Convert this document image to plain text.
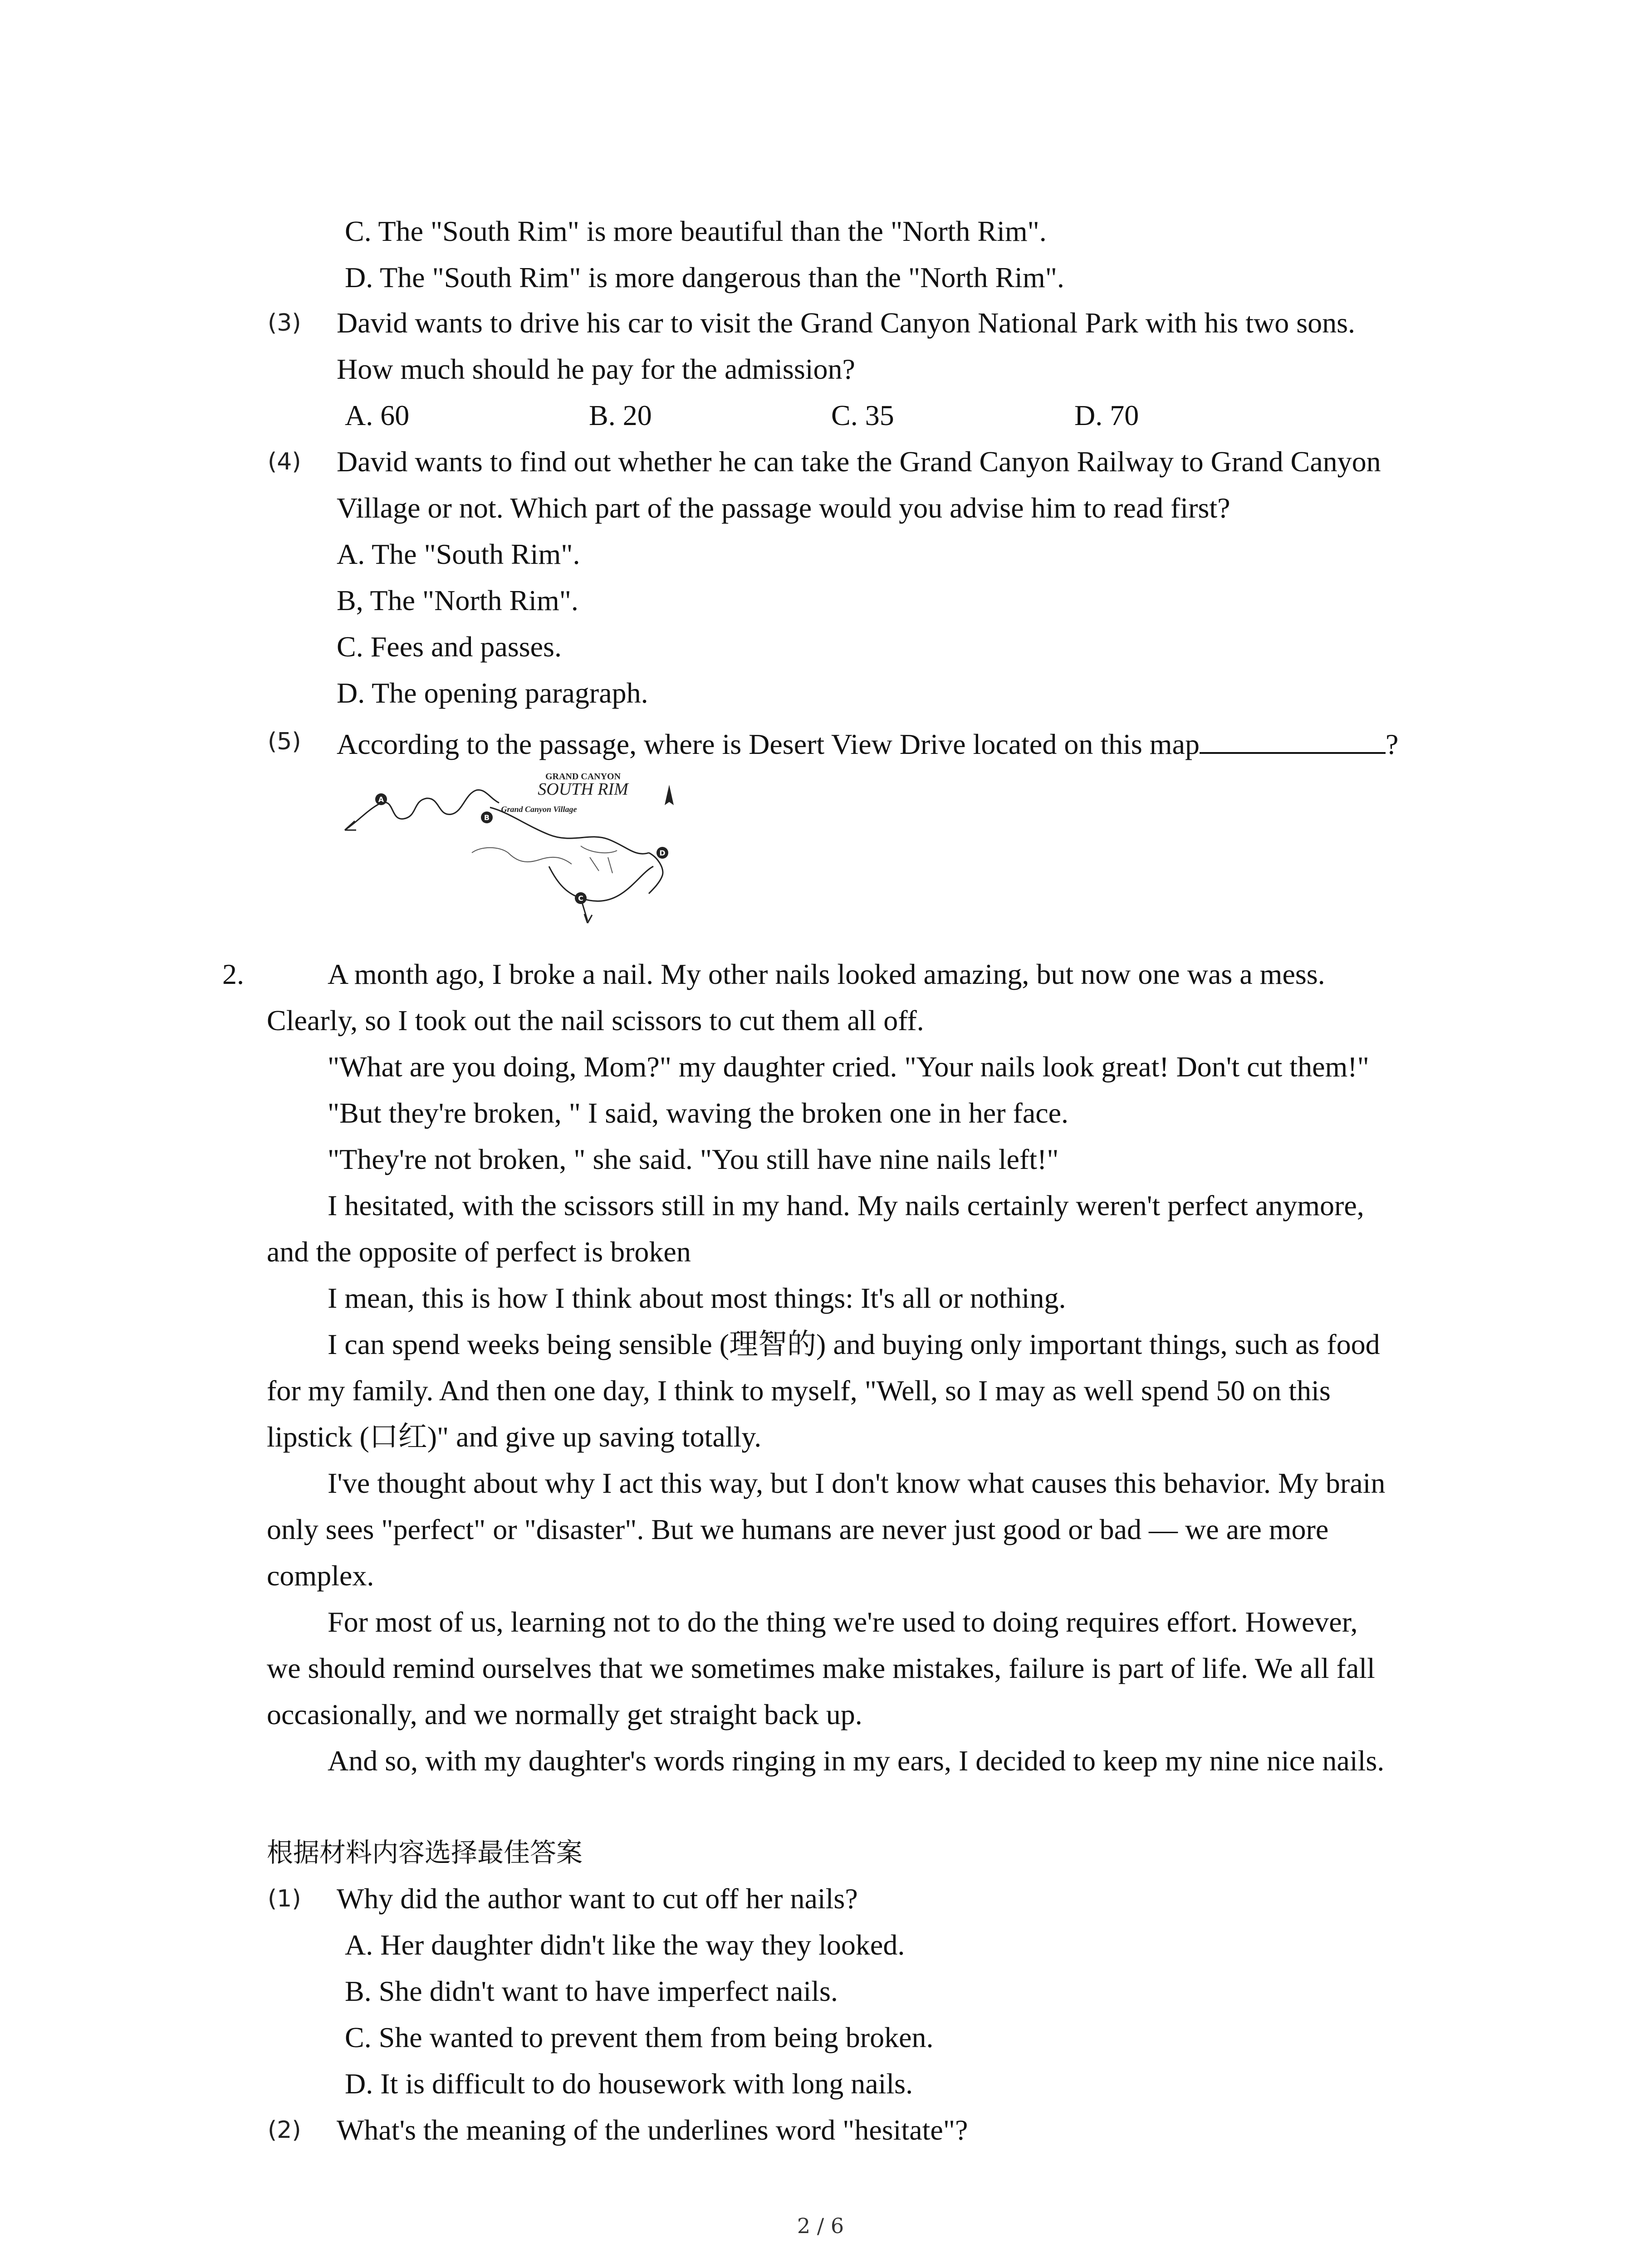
C. The "South Rim" is more beautiful than the "North Rim".
D. The "South Rim" is more dangerous than the "North Rim".
(3) David wants to drive his car to visit the Grand Canyon National Park with his two sons.
How much should he pay for the admission?
A. 60	B. 20	C. 35	D. 70
(4) David wants to find out whether he can take the Grand Canyon Railway to Grand Canyon
Village or not. Which part of the passage would you advise him to read first?
A. The "South Rim".
B, The "North Rim".
C. Fees and passes.
D. The opening paragraph.
(5) According to the passage, where is Desert View Drive located on this map	?
A
B
C
D
GRAND CANYON
SOUTH RIM
Grand Canyon Village
2.	A month ago, I broke a nail. My other nails looked amazing, but now one was a mess.
Clearly, so I took out the nail scissors to cut them all off.
"What are you doing, Mom?" my daughter cried. "Your nails look great! Don't cut them!"
"But they're broken, " I said, waving the broken one in her face.
"They're not broken, " she said. "You still have nine nails left!"
I hesitated, with the scissors still in my hand. My nails certainly weren't perfect anymore,
and the opposite of perfect is broken
I mean, this is how I think about most things: It's all or nothing.
I can spend weeks being sensible (理智的) and buying only important things, such as food
for my family. And then one day, I think to myself, "Well, so I may as well spend 50 on this
lipstick (口红)" and give up saving totally.
I've thought about why I act this way, but I don't know what causes this behavior. My brain
only sees "perfect" or "disaster". But we humans are never just good or bad — we are more
complex.
For most of us, learning not to do the thing we're used to doing requires effort. However,
we should remind ourselves that we sometimes make mistakes, failure is part of life. We all fall
occasionally, and we normally get straight back up.
And so, with my daughter's words ringing in my ears, I decided to keep my nine nice nails.
根据材料内容选择最佳答案
(1) Why did the author want to cut off her nails?
A. Her daughter didn't like the way they looked.
B. She didn't want to have imperfect nails.
C. She wanted to prevent them from being broken.
D. It is difficult to do housework with long nails.
(2) What's the meaning of the underlines word "hesitate"?
2 / 6
